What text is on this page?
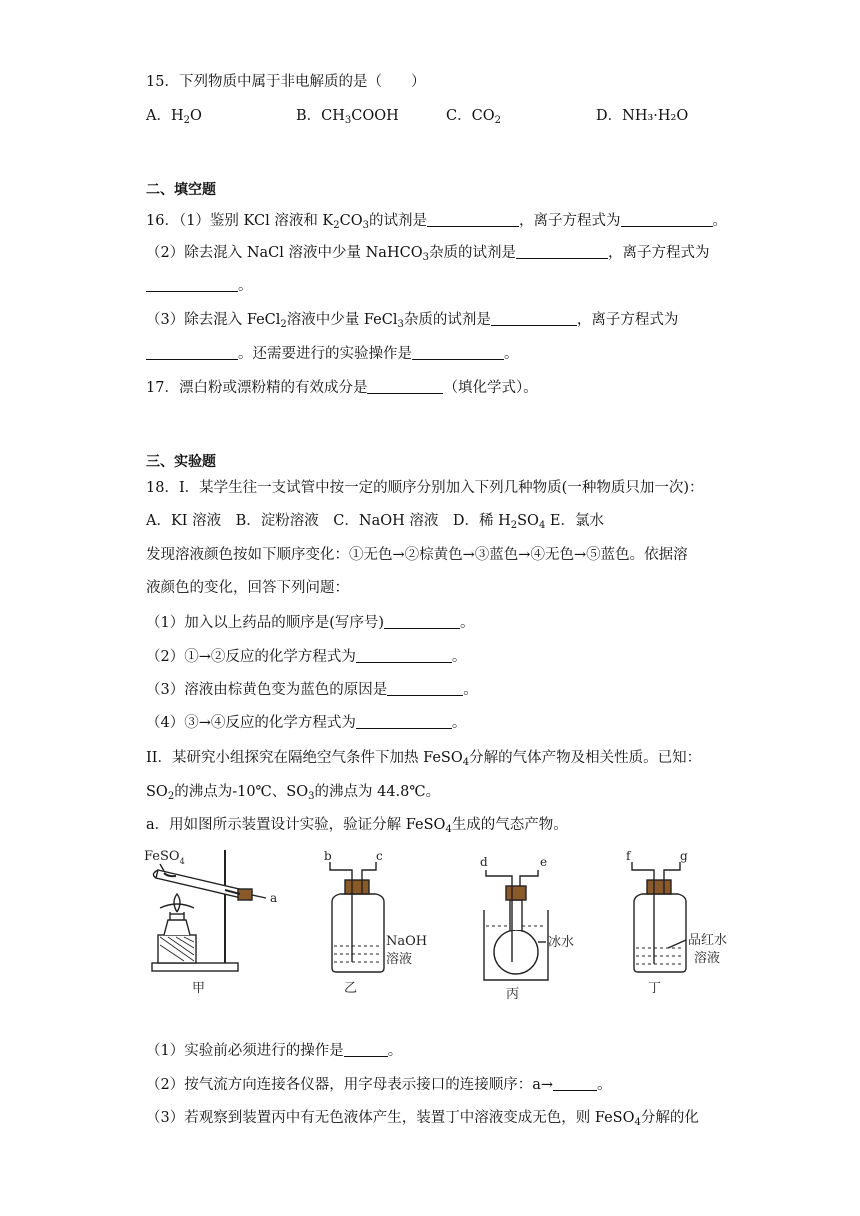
15．下列物质中属于非电解质的是（　　）
A．$H_2O$	B．$CH_3COOH$	C．$CO_2$	D．NH₃·H₂O
二、填空题
16．（1）鉴别 KCl 溶液和 $K_2CO_3$的试剂是	，离子方程式为	。
（2）除去混入 NaCl 溶液中少量 NaHCO$_3$杂质的试剂是	，离子方程式为
。
（3）除去混入 FeCl$_2$溶液中少量 FeCl$_3$杂质的试剂是	，离子方程式为
。还需要进行的实验操作是	。
17．漂白粉或漂粉精的有效成分是	（填化学式）。
三、实验题
18．I．某学生往一支试管中按一定的顺序分别加入下列几种物质(一种物质只加一次)：
A．KI 溶液　B．淀粉溶液　C．NaOH 溶液　D．稀 $H_2SO_4$ E．氯水
发现溶液颜色按如下顺序变化：①无色→②棕黄色→③蓝色→④无色→⑤蓝色。依据溶
液颜色的变化，回答下列问题：
（1）加入以上药品的顺序是(写序号)	。
（2）①→②反应的化学方程式为	。
（3）溶液由棕黄色变为蓝色的原因是	。
（4）③→④反应的化学方程式为	。
II．某研究小组探究在隔绝空气条件下加热 FeSO$_4$分解的气体产物及相关性质。已知：
$SO_2$的沸点为-10℃、$SO_3$的沸点为 44.8℃。
a．用如图所示装置设计实验，验证分解 FeSO$_4$生成的气态产物。
FeSO$_4$
a
甲
b	c
NaOH
溶液
乙
d	e
冰水
丙
f	g
品红水
溶液
丁
（1）实验前必须进行的操作是	。
（2）按气流方向连接各仪器，用字母表示接口的连接顺序：a→	。
（3）若观察到装置丙中有无色液体产生，装置丁中溶液变成无色，则 FeSO$_4$分解的化
